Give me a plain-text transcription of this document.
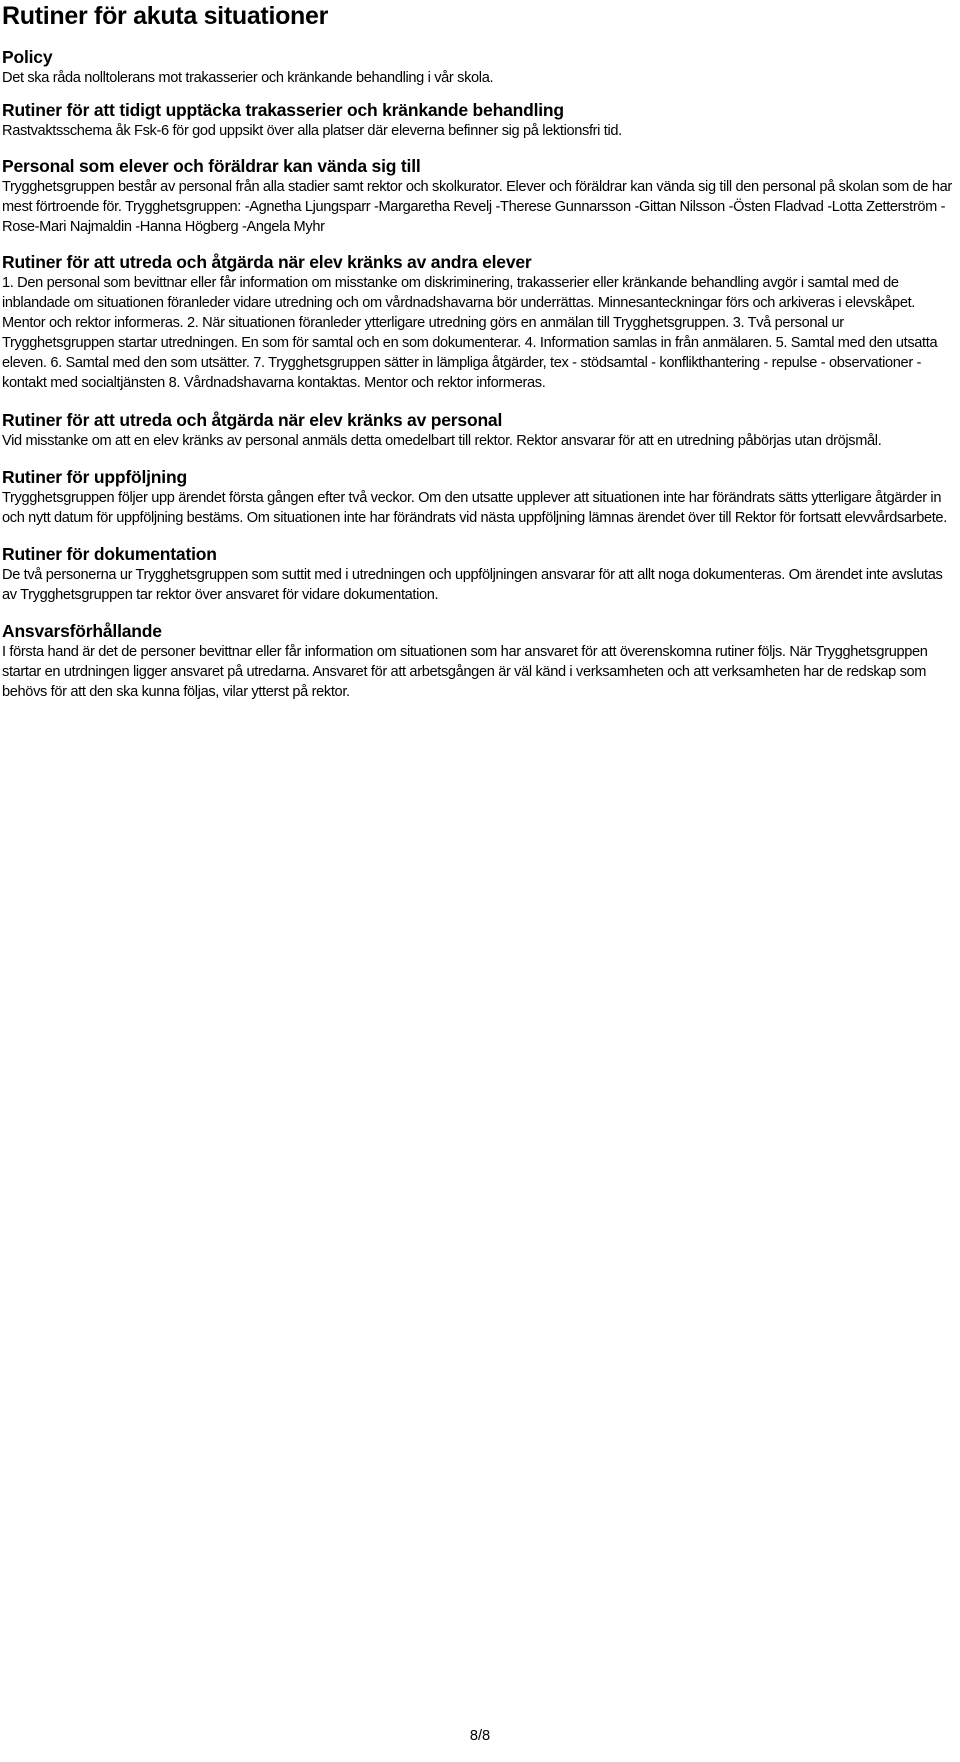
Rutiner för akuta situationer
Policy

Det ska råda nolltolerans mot trakasserier och kränkande behandling i vår skola.

Rutiner för att tidigt upptäcka trakasserier och kränkande behandling

Rastvaktsschema åk Fsk-6 för god uppsikt över alla platser där eleverna befinner sig på lektionsfri tid.

Personal som elever och föräldrar kan vända sig till

Trygghetsgruppen består av personal från alla stadier samt rektor och skolkurator. Elever och föräldrar kan vända sig till den personal på skolan som de har mest förtroende för. Trygghetsgruppen: -Agnetha Ljungsparr -Margaretha Revelj -Therese Gunnarsson -Gittan Nilsson -Östen Fladvad -Lotta Zetterström -Rose-Mari Najmaldin -Hanna Högberg -Angela Myhr

Rutiner för att utreda och åtgärda när elev kränks av andra elever

1. Den personal som bevittnar eller får information om misstanke om diskriminering, trakasserier eller kränkande behandling avgör i samtal med de inblandade om situationen föranleder vidare utredning och om vårdnadshavarna bör underrättas. Minnesanteckningar förs och arkiveras i elevskåpet. Mentor och rektor informeras. 2. När situationen föranleder ytterligare utredning görs en anmälan till Trygghetsgruppen. 3. Två personal ur Trygghetsgruppen startar utredningen. En som för samtal och en som dokumenterar. 4. Information samlas in från anmälaren. 5. Samtal med den utsatta eleven. 6. Samtal med den som utsätter. 7. Trygghetsgruppen sätter in lämpliga åtgärder, tex - stödsamtal - konflikthantering - repulse - observationer - kontakt med socialtjänsten 8. Vårdnadshavarna kontaktas. Mentor och rektor informeras.

Rutiner för att utreda och åtgärda när elev kränks av personal

Vid misstanke om att en elev kränks av personal anmäls detta omedelbart till rektor. Rektor ansvarar för att en utredning påbörjas utan dröjsmål.

Rutiner för uppföljning

Trygghetsgruppen följer upp ärendet första gången efter två veckor. Om den utsatte upplever att situationen inte har förändrats sätts ytterligare åtgärder in och nytt datum för uppföljning bestäms. Om situationen inte har förändrats vid nästa uppföljning lämnas ärendet över till Rektor för fortsatt elevvårdsarbete.

Rutiner för dokumentation

De två personerna ur Trygghetsgruppen som suttit med i utredningen och uppföljningen ansvarar för att allt noga dokumenteras. Om ärendet inte avslutas av Trygghetsgruppen tar rektor över ansvaret för vidare dokumentation.

Ansvarsförhållande

I första hand är det de personer bevittnar eller får information om situationen som har ansvaret för att överenskomna rutiner följs. När Trygghetsgruppen startar en utrdningen ligger ansvaret på utredarna. Ansvaret för att arbetsgången är väl känd i verksamheten och att verksamheten har de redskap som behövs för att den ska kunna följas, vilar ytterst på rektor.

8/8
